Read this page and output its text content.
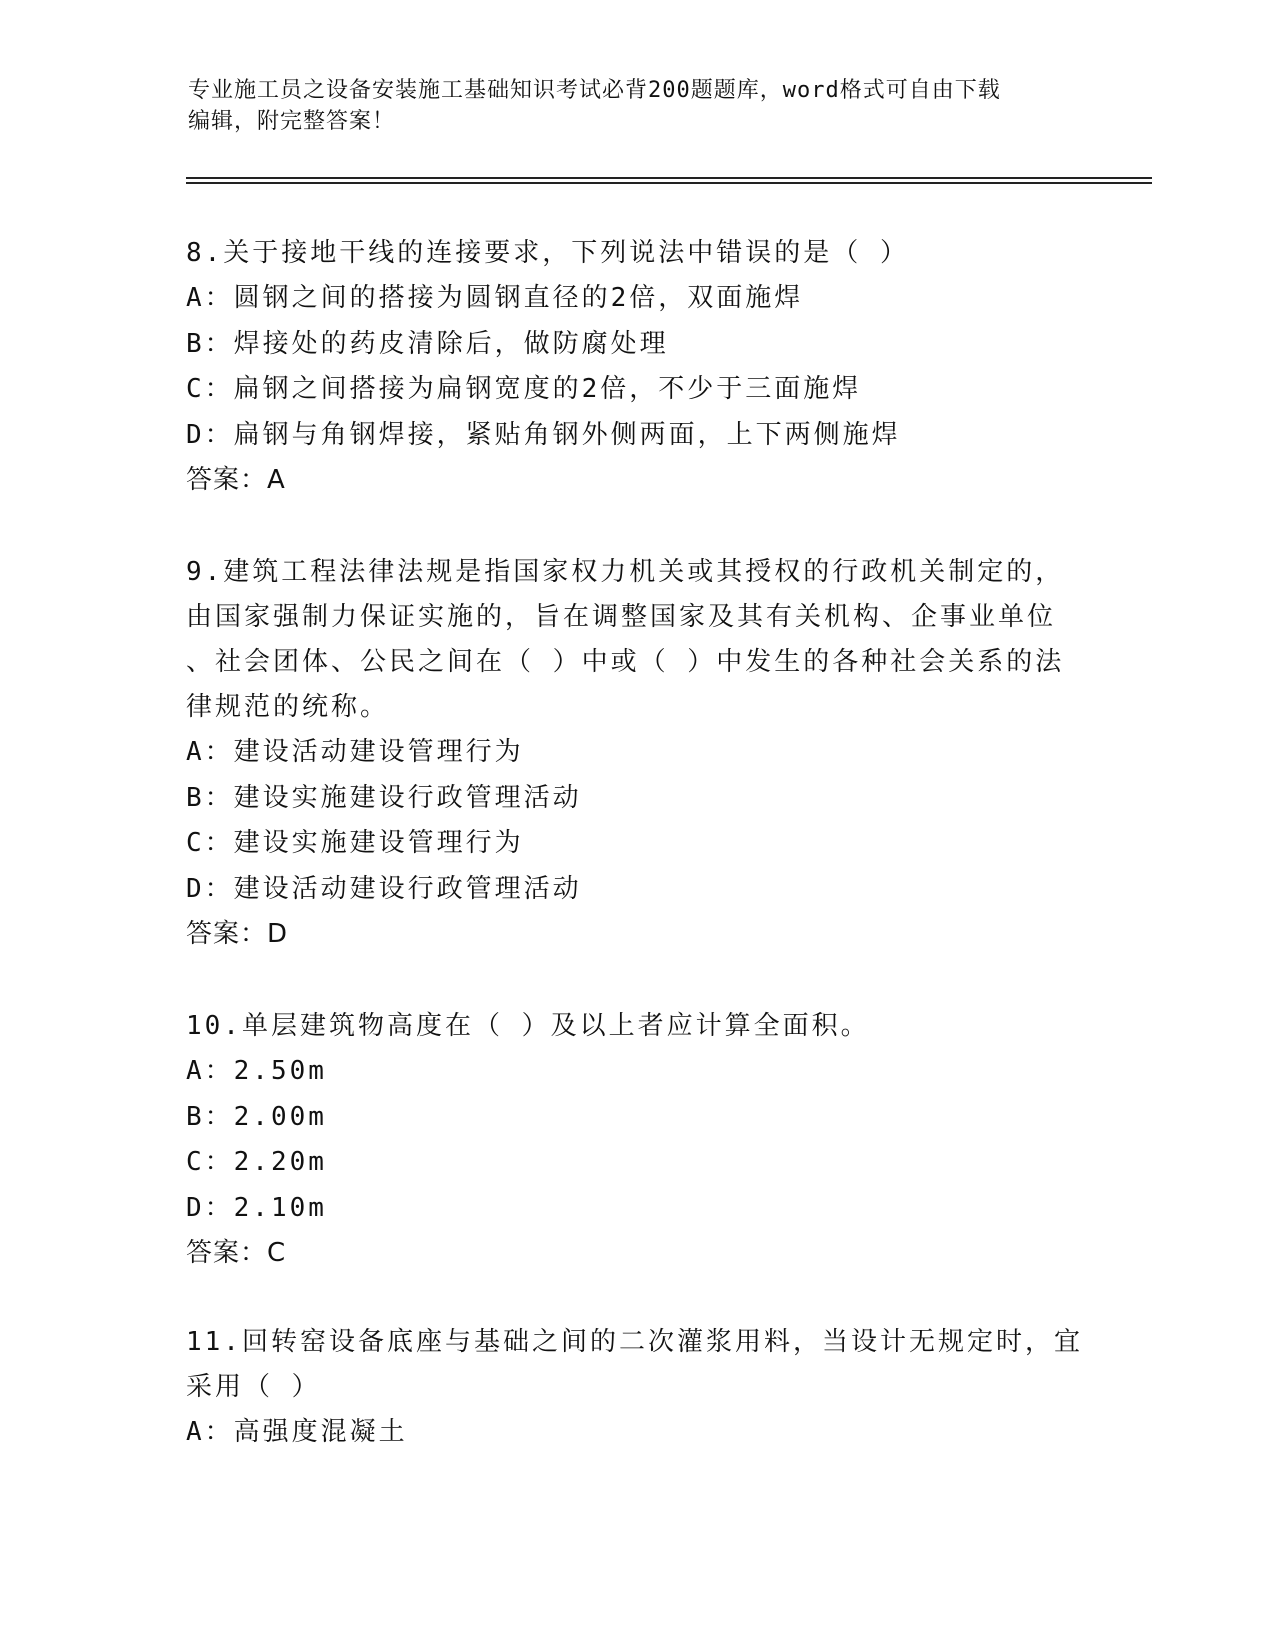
专业施工员之设备安装施工基础知识考试必背200题题库，word格式可自由下载
编辑，附完整答案！

8.关于接地干线的连接要求，下列说法中错误的是（ ）

A：圆钢之间的搭接为圆钢直径的2倍，双面施焊

B：焊接处的药皮清除后，做防腐处理

C：扁钢之间搭接为扁钢宽度的2倍，不少于三面施焊

D：扁钢与角钢焊接，紧贴角钢外侧两面，上下两侧施焊

答案：A

9.建筑工程法律法规是指国家权力机关或其授权的行政机关制定的，

由国家强制力保证实施的，旨在调整国家及其有关机构、企事业单位

、社会团体、公民之间在（ ）中或（ ）中发生的各种社会关系的法

律规范的统称。

A：建设活动建设管理行为

B：建设实施建设行政管理活动

C：建设实施建设管理行为

D：建设活动建设行政管理活动

答案：D

10.单层建筑物高度在（ ）及以上者应计算全面积。

A：2.50m

B：2.00m

C：2.20m

D：2.10m

答案：C

11.回转窑设备底座与基础之间的二次灌浆用料，当设计无规定时，宜

采用（ ）

A：高强度混凝土
